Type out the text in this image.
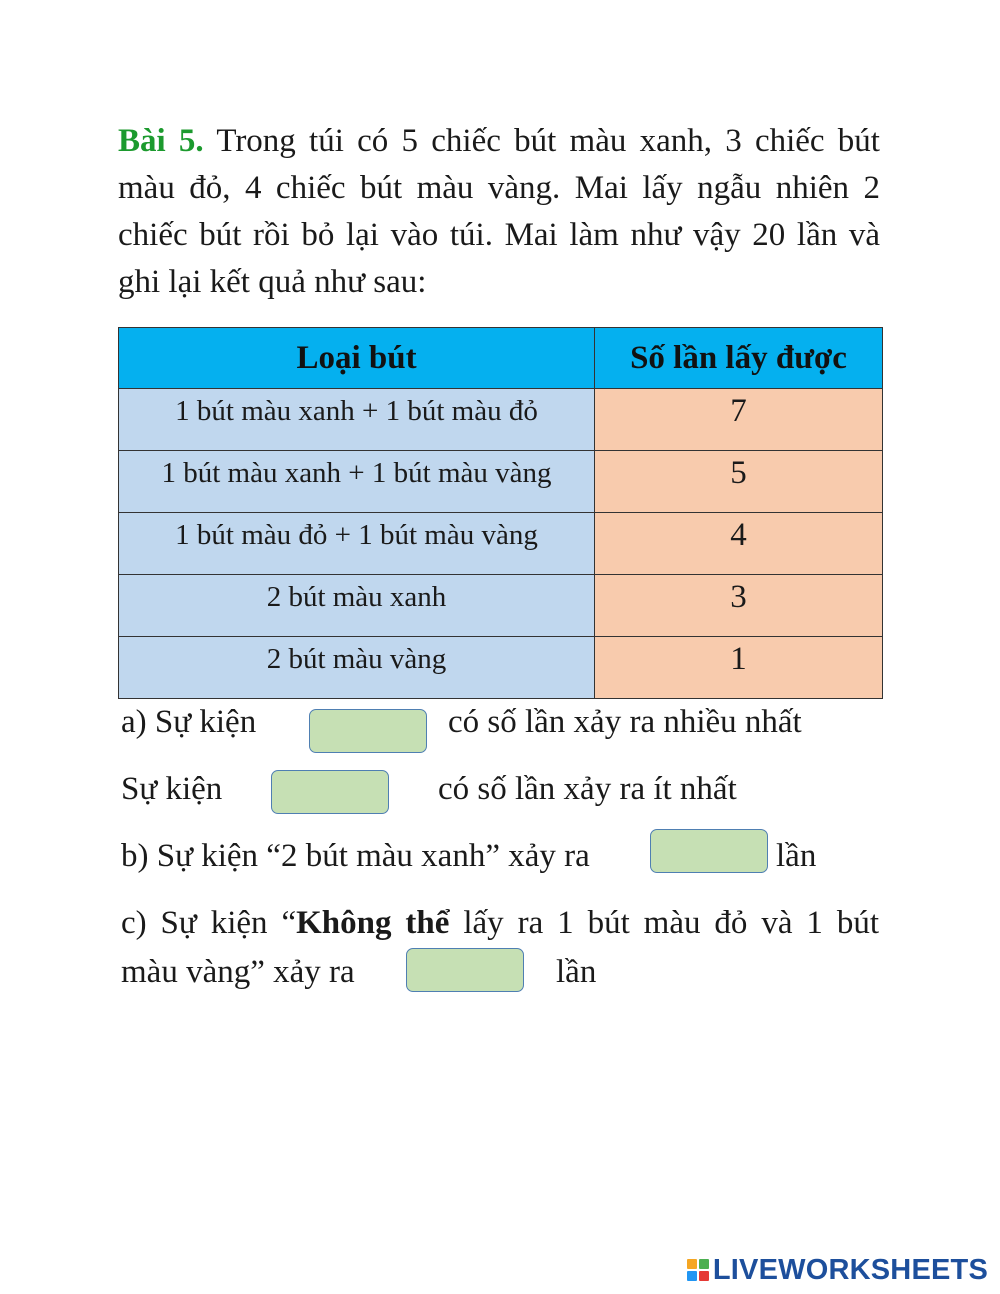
Bài 5. Trong túi có 5 chiếc bút màu xanh, 3 chiếc bút màu đỏ, 4 chiếc bút màu vàng. Mai lấy ngẫu nhiên 2 chiếc bút rồi bỏ lại vào túi. Mai làm như vậy 20 lần và ghi lại kết quả như sau:
Loại bút	Số lần lấy được
1 bút màu xanh + 1 bút màu đỏ	7
1 bút màu xanh + 1 bút màu vàng	5
1 bút màu đỏ + 1 bút màu vàng	4
2 bút màu xanh	3
2 bút màu vàng	1
a) Sự kiện	có số lần xảy ra nhiều nhất
Sự kiện	có số lần xảy ra ít nhất
b) Sự kiện “2 bút màu xanh” xảy ra	lần
c) Sự kiện “Không thể lấy ra 1 bút màu đỏ và 1 bút
màu vàng” xảy ra	lần
LIVEWORKSHEETS
